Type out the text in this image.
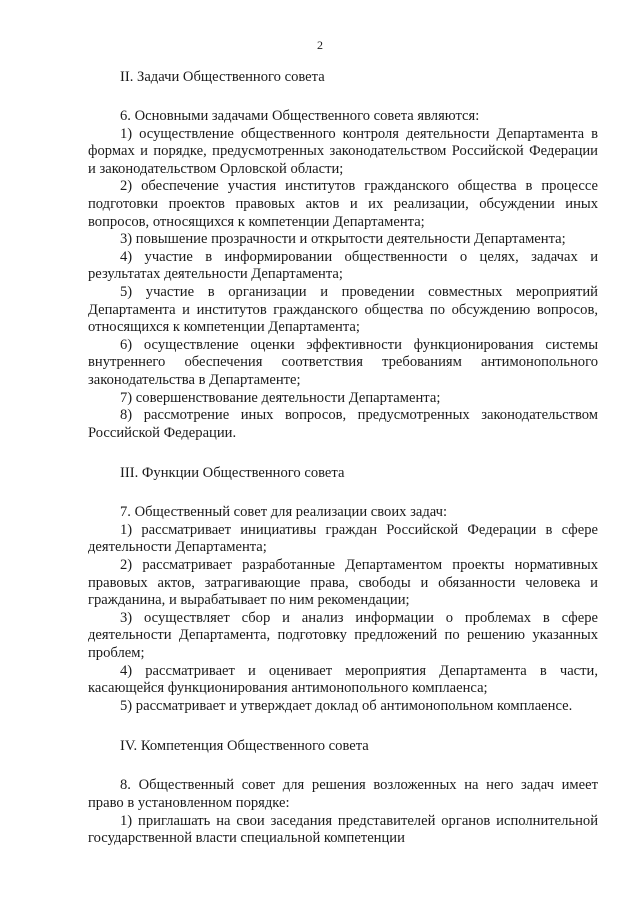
2
II. Задачи Общественного совета

6. Основными задачами Общественного совета являются:

1) осуществление общественного контроля деятельности Департамента в формах и порядке, предусмотренных законодательством Российской Федерации и законодательством Орловской области;

2) обеспечение участия институтов гражданского общества в процессе подготовки проектов правовых актов и их реализации, обсуждении иных вопросов, относящихся к компетенции Департамента;

3) повышение прозрачности и открытости деятельности Департамента;

4) участие в информировании общественности о целях, задачах и результатах деятельности Департамента;

5) участие в организации и проведении совместных мероприятий Департамента и институтов гражданского общества по обсуждению вопросов, относящихся к компетенции Департамента;

6) осуществление оценки эффективности функционирования системы внутреннего обеспечения соответствия требованиям антимонопольного законодательства в Департаменте;

7) совершенствование деятельности Департамента;

8) рассмотрение иных вопросов, предусмотренных законодательством Российской Федерации.

III. Функции Общественного совета

7. Общественный совет для реализации своих задач:

1) рассматривает инициативы граждан Российской Федерации в сфере деятельности Департамента;

2) рассматривает разработанные Департаментом проекты нормативных правовых актов, затрагивающие права, свободы и обязанности человека и гражданина, и вырабатывает по ним рекомендации;

3) осуществляет сбор и анализ информации о проблемах в сфере деятельности Департамента, подготовку предложений по решению указанных проблем;

4) рассматривает и оценивает мероприятия Департамента в части, касающейся функционирования антимонопольного комплаенса;

5) рассматривает и утверждает доклад об антимонопольном комплаенсе.

IV. Компетенция Общественного совета

8. Общественный совет для решения возложенных на него задач имеет право в установленном порядке:

1) приглашать на свои заседания представителей органов исполнительной государственной власти специальной компетенции
